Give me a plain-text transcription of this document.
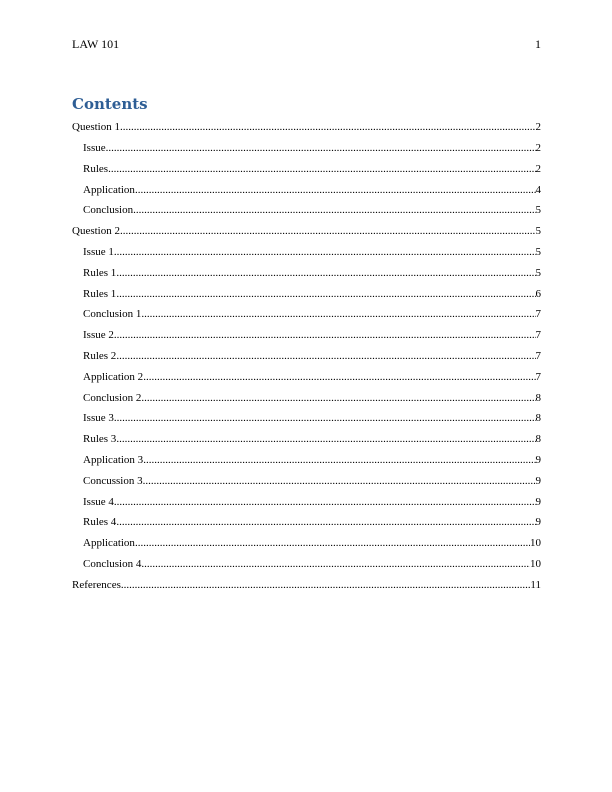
LAW 101	1
Contents
Question 1 .....	2
Issue .....	2
Rules .....	2
Application .....	4
Conclusion .....	5
Question 2 .....	5
Issue 1 .....	5
Rules 1 .....	5
Rules 1 .....	6
Conclusion 1 .....	7
Issue 2 .....	7
Rules 2 .....	7
Application 2 .....	7
Conclusion 2 .....	8
Issue 3 .....	8
Rules 3 .....	8
Application 3 .....	9
Concussion 3 .....	9
Issue 4 .....	9
Rules 4 .....	9
Application .....	10
Conclusion 4 .....	10
References .....	11
